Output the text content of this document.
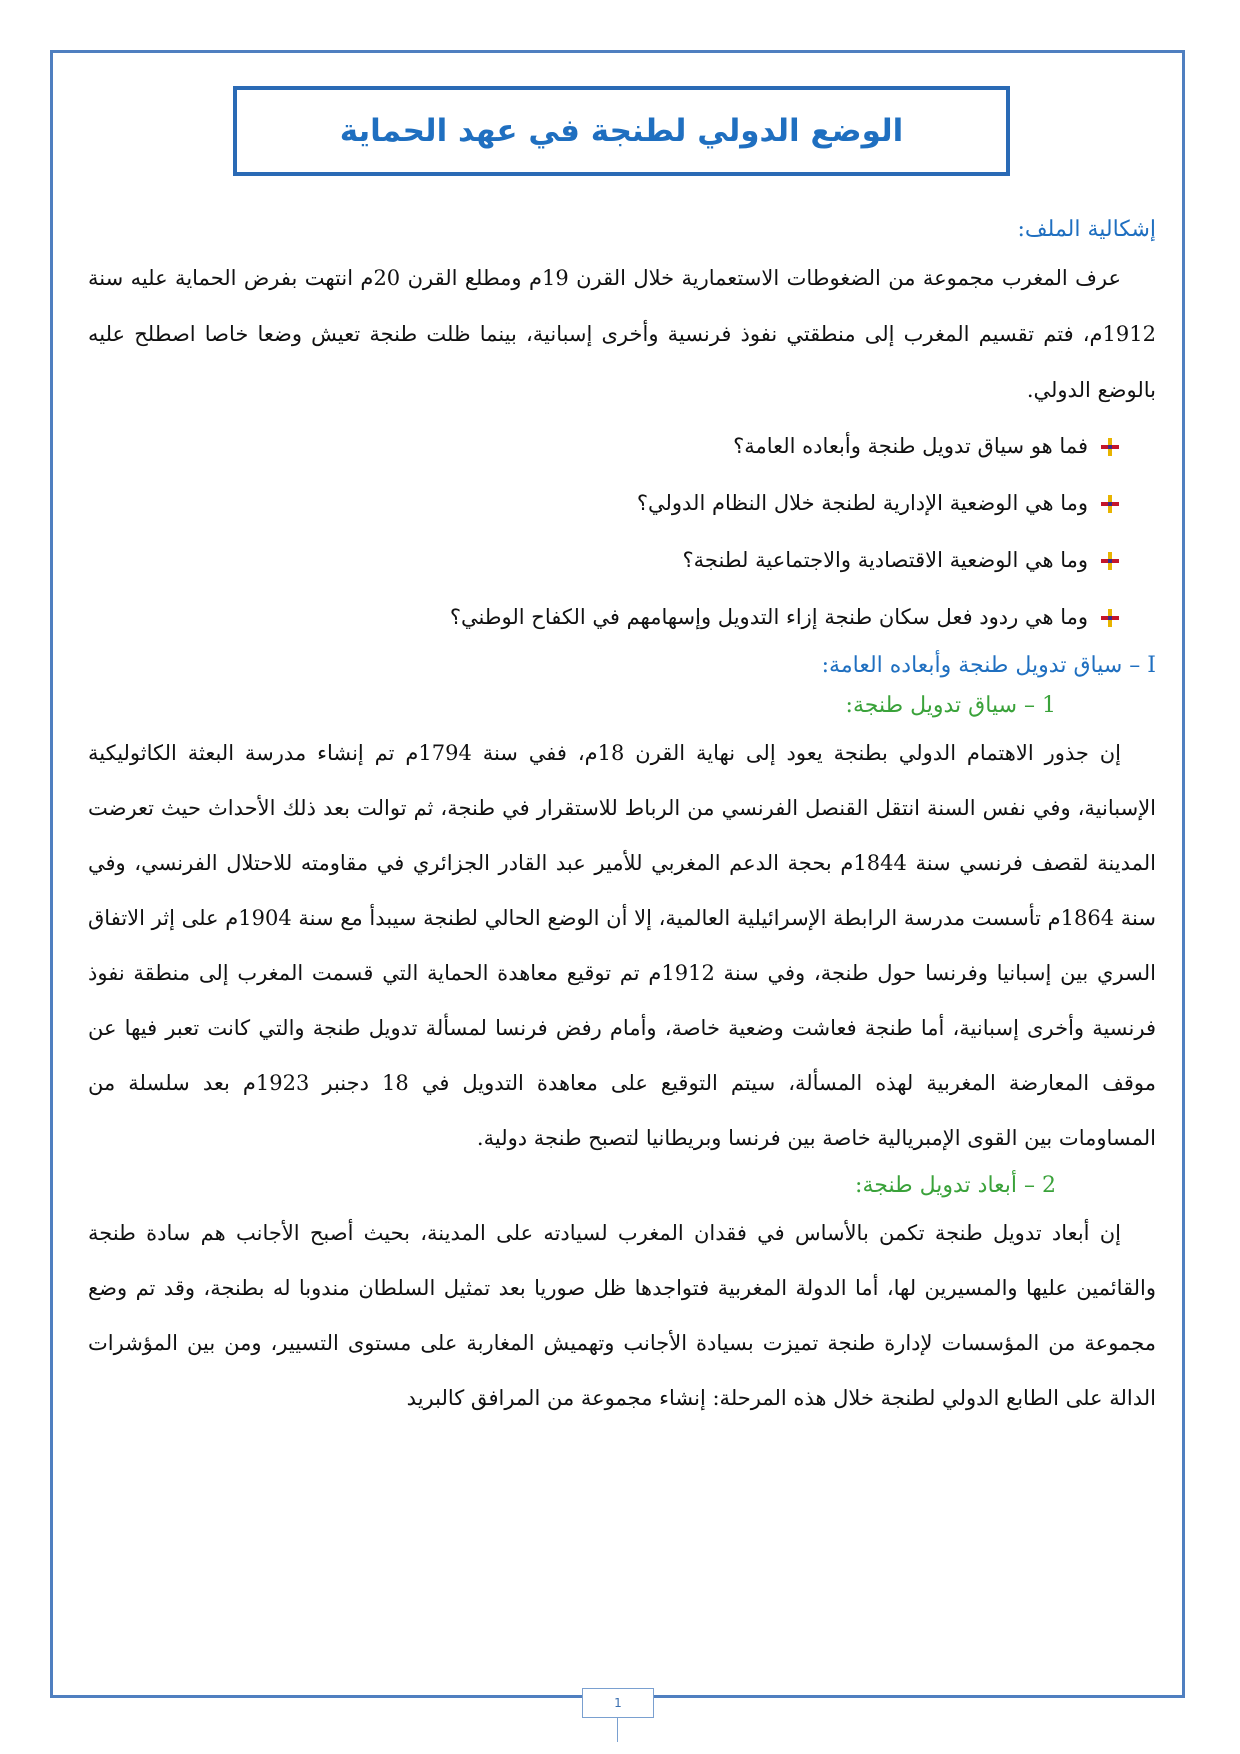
الوضع الدولي لطنجة في عهد الحماية
إشكالية الملف:

عرف المغرب مجموعة من الضغوطات الاستعمارية خلال القرن 19م ومطلع القرن 20م انتهت بفرض الحماية عليه سنة 1912م، فتم تقسيم المغرب إلى منطقتي نفوذ فرنسية وأخرى إسبانية، بينما ظلت طنجة تعيش وضعا خاصا اصطلح عليه بالوضع الدولي.

فما هو سياق تدويل طنجة وأبعاده العامة؟
وما هي الوضعية الإدارية لطنجة خلال النظام الدولي؟
وما هي الوضعية الاقتصادية والاجتماعية لطنجة؟
وما هي ردود فعل سكان طنجة إزاء التدويل وإسهامهم في الكفاح الوطني؟
I – سياق تدويل طنجة وأبعاده العامة:
1 – سياق تدويل طنجة:

إن جذور الاهتمام الدولي بطنجة يعود إلى نهاية القرن 18م، ففي سنة 1794م تم إنشاء مدرسة البعثة الكاثوليكية الإسبانية، وفي نفس السنة انتقل القنصل الفرنسي من الرباط للاستقرار في طنجة، ثم توالت بعد ذلك الأحداث حيث تعرضت المدينة لقصف فرنسي سنة 1844م بحجة الدعم المغربي للأمير عبد القادر الجزائري في مقاومته للاحتلال الفرنسي، وفي سنة 1864م تأسست مدرسة الرابطة الإسرائيلية العالمية، إلا أن الوضع الحالي لطنجة سيبدأ مع سنة 1904م على إثر الاتفاق السري بين إسبانيا وفرنسا حول طنجة، وفي سنة 1912م تم توقيع معاهدة الحماية التي قسمت المغرب إلى منطقة نفوذ فرنسية وأخرى إسبانية، أما طنجة فعاشت وضعية خاصة، وأمام رفض فرنسا لمسألة تدويل طنجة والتي كانت تعبر فيها عن موقف المعارضة المغربية لهذه المسألة، سيتم التوقيع على معاهدة التدويل في 18 دجنبر 1923م بعد سلسلة من المساومات بين القوى الإمبريالية خاصة بين فرنسا وبريطانيا لتصبح طنجة دولية.

2 – أبعاد تدويل طنجة:

إن أبعاد تدويل طنجة تكمن بالأساس في فقدان المغرب لسيادته على المدينة، بحيث أصبح الأجانب هم سادة طنجة والقائمين عليها والمسيرين لها، أما الدولة المغربية فتواجدها ظل صوريا بعد تمثيل السلطان مندوبا له بطنجة، وقد تم وضع مجموعة من المؤسسات لإدارة طنجة تميزت بسيادة الأجانب وتهميش المغاربة على مستوى التسيير، ومن بين المؤشرات الدالة على الطابع الدولي لطنجة خلال هذه المرحلة: إنشاء مجموعة من المرافق كالبريد

1
